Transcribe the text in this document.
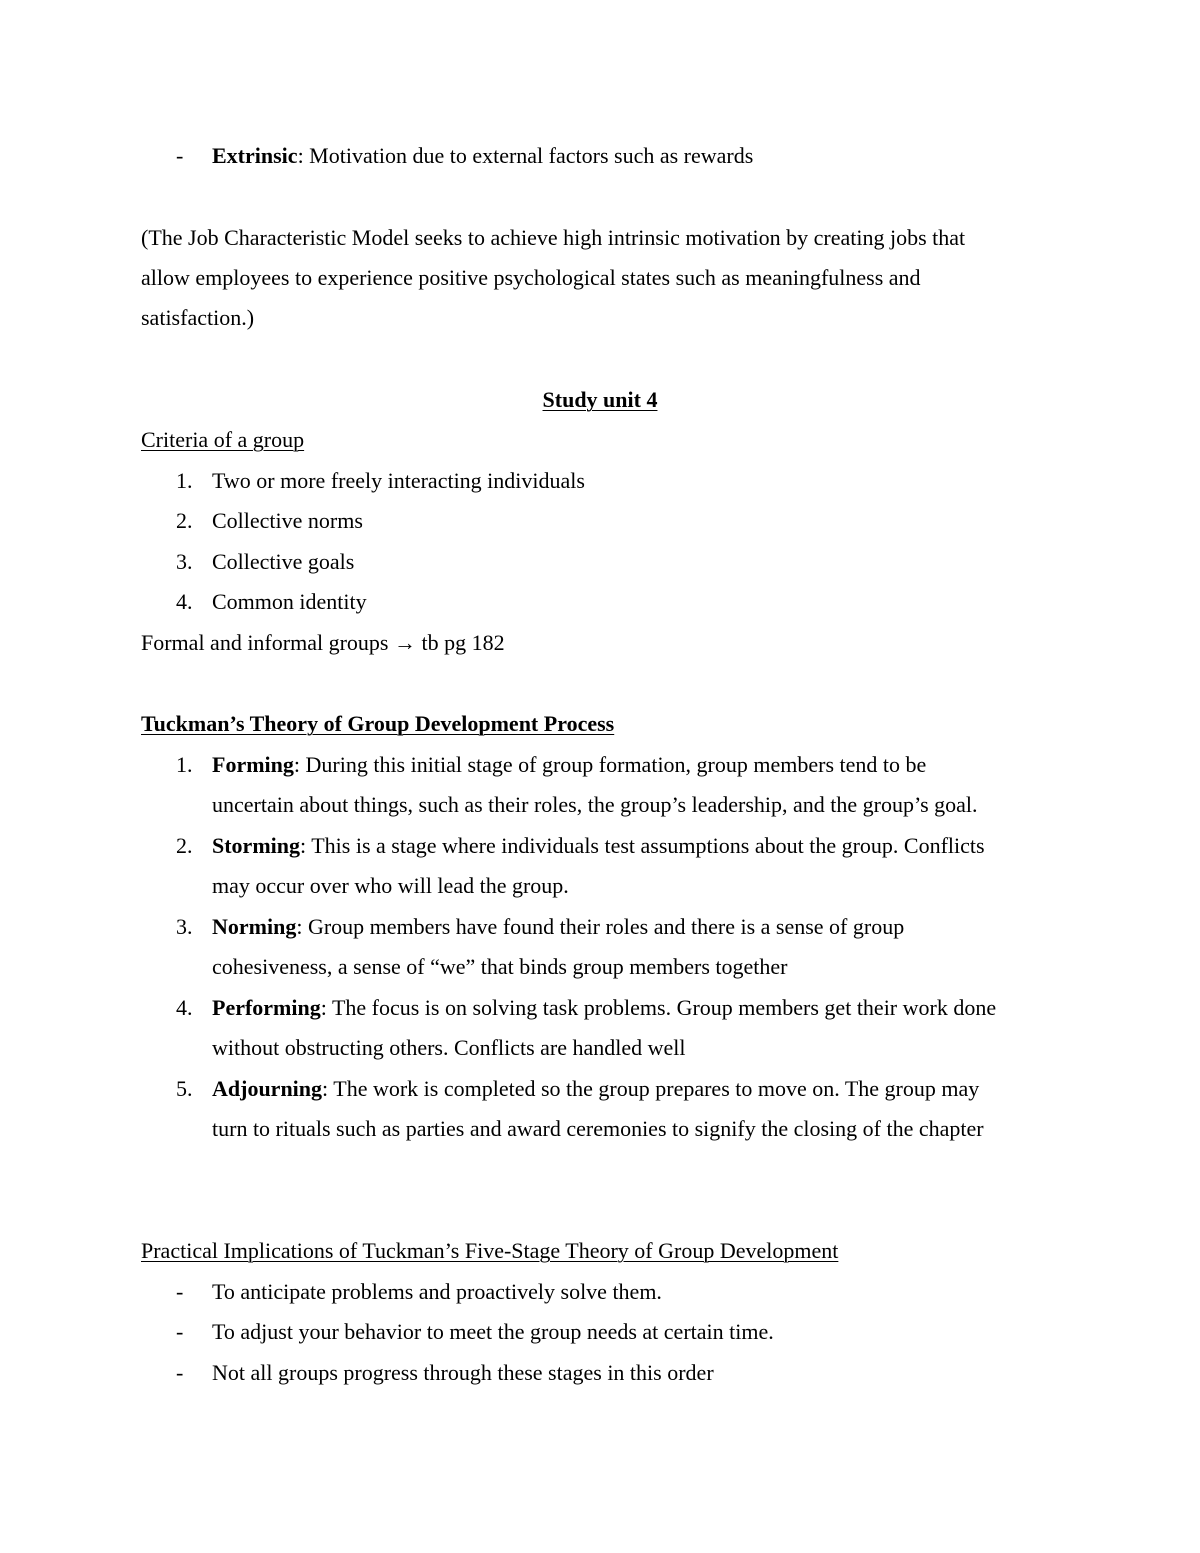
- Extrinsic: Motivation due to external factors such as rewards
(The Job Characteristic Model seeks to achieve high intrinsic motivation by creating jobs that
allow employees to experience positive psychological states such as meaningfulness and
satisfaction.)
Study unit 4
Criteria of a group
1. Two or more freely interacting individuals
2. Collective norms
3. Collective goals
4. Common identity
Formal and informal groups → tb pg 182
Tuckman’s Theory of Group Development Process
1. Forming: During this initial stage of group formation, group members tend to be
uncertain about things, such as their roles, the group’s leadership, and the group’s goal.
2. Storming: This is a stage where individuals test assumptions about the group. Conflicts
may occur over who will lead the group.
3. Norming: Group members have found their roles and there is a sense of group
cohesiveness, a sense of “we” that binds group members together
4. Performing: The focus is on solving task problems. Group members get their work done
without obstructing others. Conflicts are handled well
5. Adjourning: The work is completed so the group prepares to move on. The group may
turn to rituals such as parties and award ceremonies to signify the closing of the chapter
Practical Implications of Tuckman’s Five-Stage Theory of Group Development
- To anticipate problems and proactively solve them.
- To adjust your behavior to meet the group needs at certain time.
- Not all groups progress through these stages in this order
